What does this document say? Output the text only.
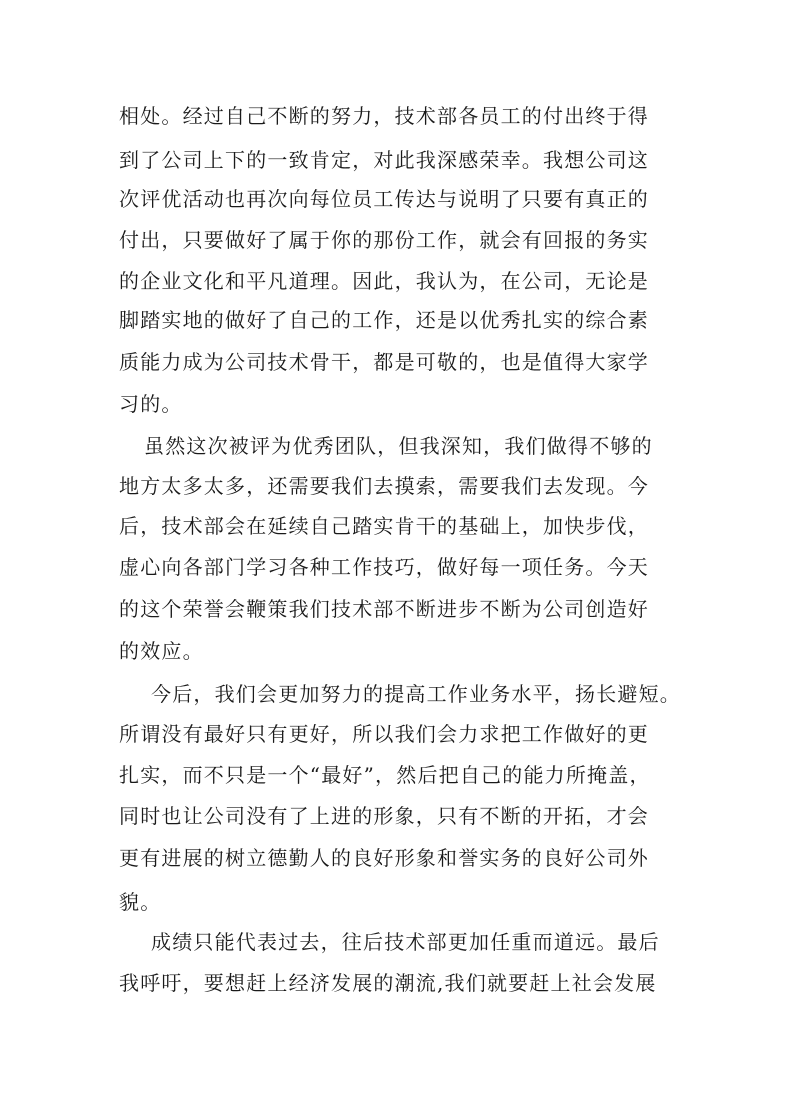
相处。经过自己不断的努力，技术部各员工的付出终于得
到了公司上下的一致肯定，对此我深感荣幸。我想公司这
次评优活动也再次向每位员工传达与说明了只要有真正的
付出，只要做好了属于你的那份工作，就会有回报的务实
的企业文化和平凡道理。因此，我认为，在公司，无论是
脚踏实地的做好了自己的工作，还是以优秀扎实的综合素
质能力成为公司技术骨干，都是可敬的，也是值得大家学
习的。
虽然这次被评为优秀团队，但我深知，我们做得不够的
地方太多太多，还需要我们去摸索，需要我们去发现。今
后，技术部会在延续自己踏实肯干的基础上，加快步伐，
虚心向各部门学习各种工作技巧，做好每一项任务。今天
的这个荣誉会鞭策我们技术部不断进步不断为公司创造好
的效应。
今后，我们会更加努力的提高工作业务水平，扬长避短。
所谓没有最好只有更好，所以我们会力求把工作做好的更
扎实，而不只是一个“最好”，然后把自己的能力所掩盖，
同时也让公司没有了上进的形象，只有不断的开拓，才会
更有进展的树立德勤人的良好形象和誉实务的良好公司外
貌。
成绩只能代表过去，往后技术部更加任重而道远。最后
我呼吁，要想赶上经济发展的潮流,我们就要赶上社会发展
